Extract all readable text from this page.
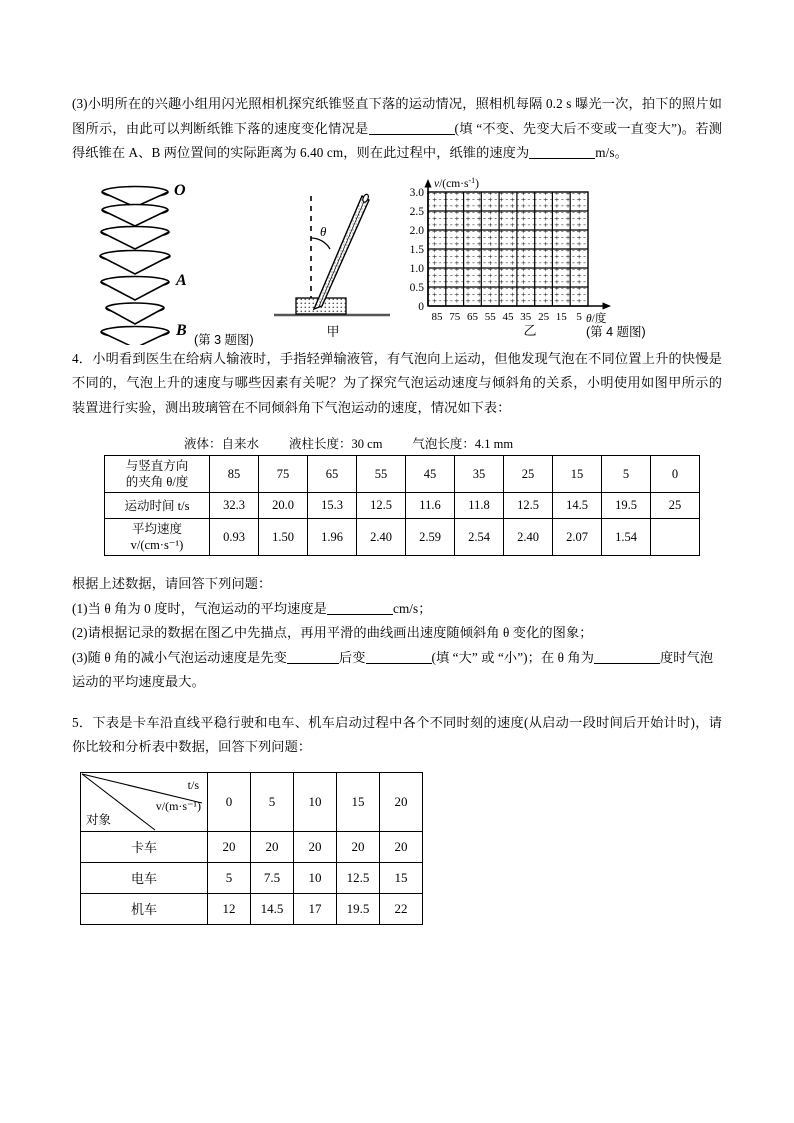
(3)小明所在的兴趣小组用闪光照相机探究纸锥竖直下落的运动情况，照相机每隔 0.2 s 曝光一次，拍下的照片如图所示，由此可以判断纸锥下落的速度变化情况是	(填 “不变、先变大后不变或一直变大”)。若测得纸锥在 A、B 两位置间的实际距离为 6.40 cm，则在此过程中，纸锥的速度为	m/s。

O
A
B
(第 3 题图)
θ
甲
3.0
2.5
2.0
1.5
1.0
0.5
0
85 75 65 55 45 35 25 15 5
$v/(cm\cdot s^{-1})$
θ/度
乙	(第 4 题图)

4．小明看到医生在给病人输液时，手指轻弹输液管，有气泡向上运动，但他发现气泡在不同位置上升的快慢是不同的，气泡上升的速度与哪些因素有关呢？为了探究气泡运动速度与倾斜角的关系，小明使用如图甲所示的装置进行实验，测出玻璃管在不同倾斜角下气泡运动的速度，情况如下表：

液体：自来水 液柱长度：30 cm 气泡长度：4.1 mm
与竖直方向
的夹角 θ/度	85	75	65	55	45	35	25	15	5	0
运动时间 t/s	32.3	20.0	15.3	12.5	11.6	11.8	12.5	14.5	19.5	25

平均速度
v/(cm·s⁻¹)	0.93	1.50	1.96	2.40	2.59	2.54	2.40	2.07	1.54	

根据上述数据，请回答下列问题：

(1)当 θ 角为 0 度时，气泡运动的平均速度是	cm/s；

(2)请根据记录的数据在图乙中先描点，再用平滑的曲线画出速度随倾斜角 θ 变化的图象；

(3)随 θ 角的减小气泡运动速度是先变	后变	(填 “大” 或 “小”)；在 θ 角为	度时气泡

运动的平均速度最大。

5．下表是卡车沿直线平稳行驶和电车、机车启动过程中各个不同时刻的速度(从启动一段时间后开始计时)，请你比较和分析表中数据，回答下列问题：

t/s
v/(m·s⁻¹)
对象	0	5	10	15	20
卡车	20	20	20	20	20
电车	5	7.5	10	12.5	15
机车	12	14.5	17	19.5	22
